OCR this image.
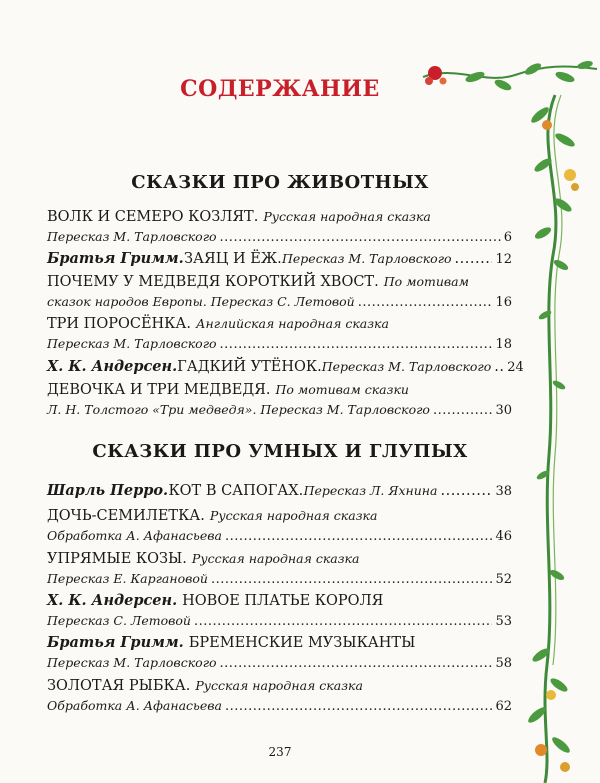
СОДЕРЖАНИЕ
СКАЗКИ ПРО ЖИВОТНЫХ
ВОЛК И СЕМЕРО КОЗЛЯТ. Русская народная сказка
Пересказ М. Тарловского .....	6
Братья Гримм. ЗАЯЦ И ЁЖ. Пересказ М. Тарловского .....	12
ПОЧЕМУ У МЕДВЕДЯ КОРОТКИЙ ХВОСТ. По мотивам
сказок народов Европы. Пересказ С. Летовой .....	16
ТРИ ПОРОСЁНКА. Английская народная сказка
Пересказ М. Тарловского .....	18
Х. К. Андерсен. ГАДКИЙ УТЁНОК. Пересказ М. Тарловского ..... 24
ДЕВОЧКА И ТРИ МЕДВЕДЯ. По мотивам сказки
Л. Н. Толстого «Три медведя». Пересказ М. Тарловского .....	30
СКАЗКИ ПРО УМНЫХ И ГЛУПЫХ
Шарль Перро. КОТ В САПОГАХ. Пересказ Л. Яхнина .....	38
ДОЧЬ-СЕМИЛЕТКА. Русская народная сказка
Обработка А. Афанасьева .....	46
УПРЯМЫЕ КОЗЫ. Русская народная сказка
Пересказ Е. Каргановой .....	52
Х. К. Андерсен. НОВОЕ ПЛАТЬЕ КОРОЛЯ
Пересказ С. Летовой .....	53
Братья Гримм. БРЕМЕНСКИЕ МУЗЫКАНТЫ
Пересказ М. Тарловского .....	58
ЗОЛОТАЯ РЫБКА. Русская народная сказка
Обработка А. Афанасьева .....	62
237
